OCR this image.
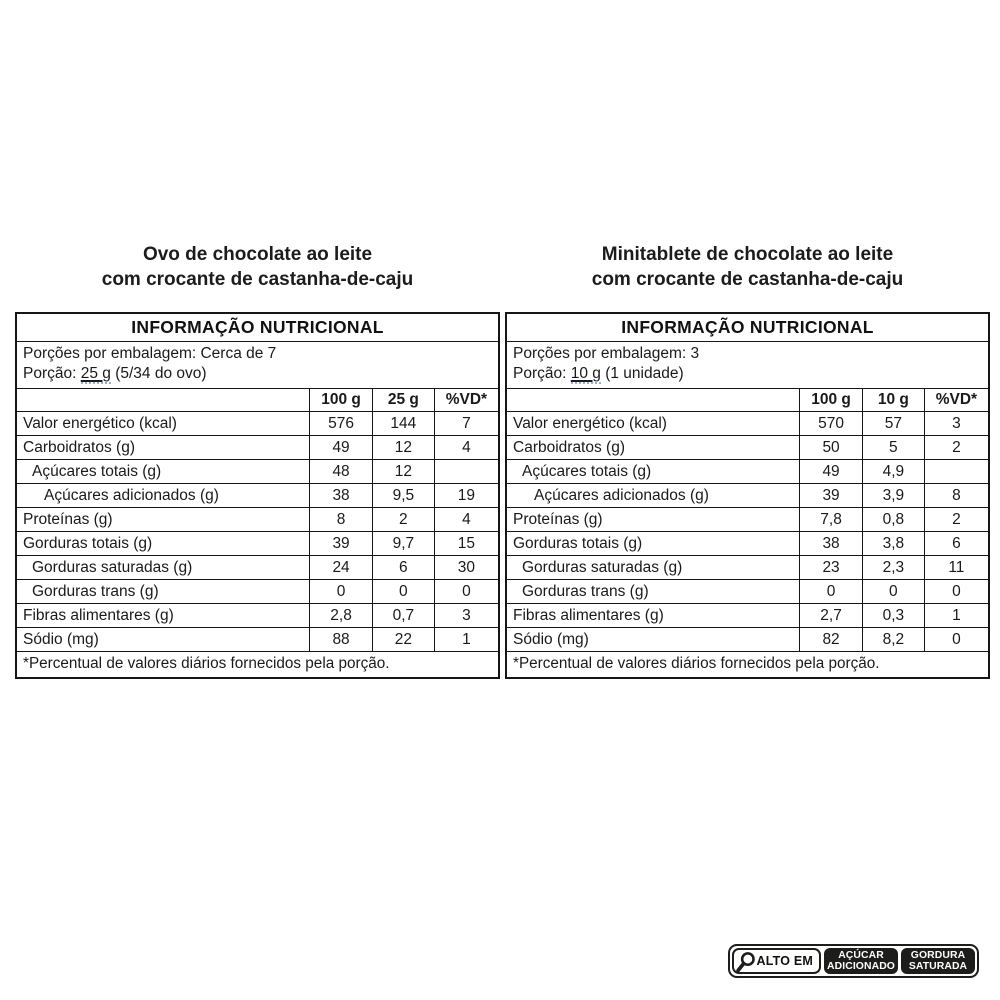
Ovo de chocolate ao leite
com crocante de castanha-de-caju
INFORMAÇÃO NUTRICIONAL			

Porções por embalagem: Cerca de 7
Porção: 25 g (5/34 do ovo)			

	100 g	25 g	%VD*
Valor energético (kcal)	576	144	7
Carboidratos (g)	49	12	4
Açúcares totais (g)	48	12	
Açúcares adicionados (g)	38	9,5	19
Proteínas (g)	8	2	4
Gorduras totais (g)	39	9,7	15
Gorduras saturadas (g)	24	6	30
Gorduras trans (g)	0	0	0
Fibras alimentares (g)	2,8	0,7	3
Sódio (mg)	88	22	1
*Percentual de valores diários fornecidos pela porção.			
Minitablete de chocolate ao leite
com crocante de castanha-de-caju
INFORMAÇÃO NUTRICIONAL			

Porções por embalagem: 3
Porção: 10 g (1 unidade)			

	100 g	10 g	%VD*
Valor energético (kcal)	570	57	3
Carboidratos (g)	50	5	2
Açúcares totais (g)	49	4,9	
Açúcares adicionados (g)	39	3,9	8
Proteínas (g)	7,8	0,8	2
Gorduras totais (g)	38	3,8	6
Gorduras saturadas (g)	23	2,3	11
Gorduras trans (g)	0	0	0
Fibras alimentares (g)	2,7	0,3	1
Sódio (mg)	82	8,2	0
*Percentual de valores diários fornecidos pela porção.			
ALTO EM	AÇÚCAR
ADICIONADO
GORDURA
SATURADA
